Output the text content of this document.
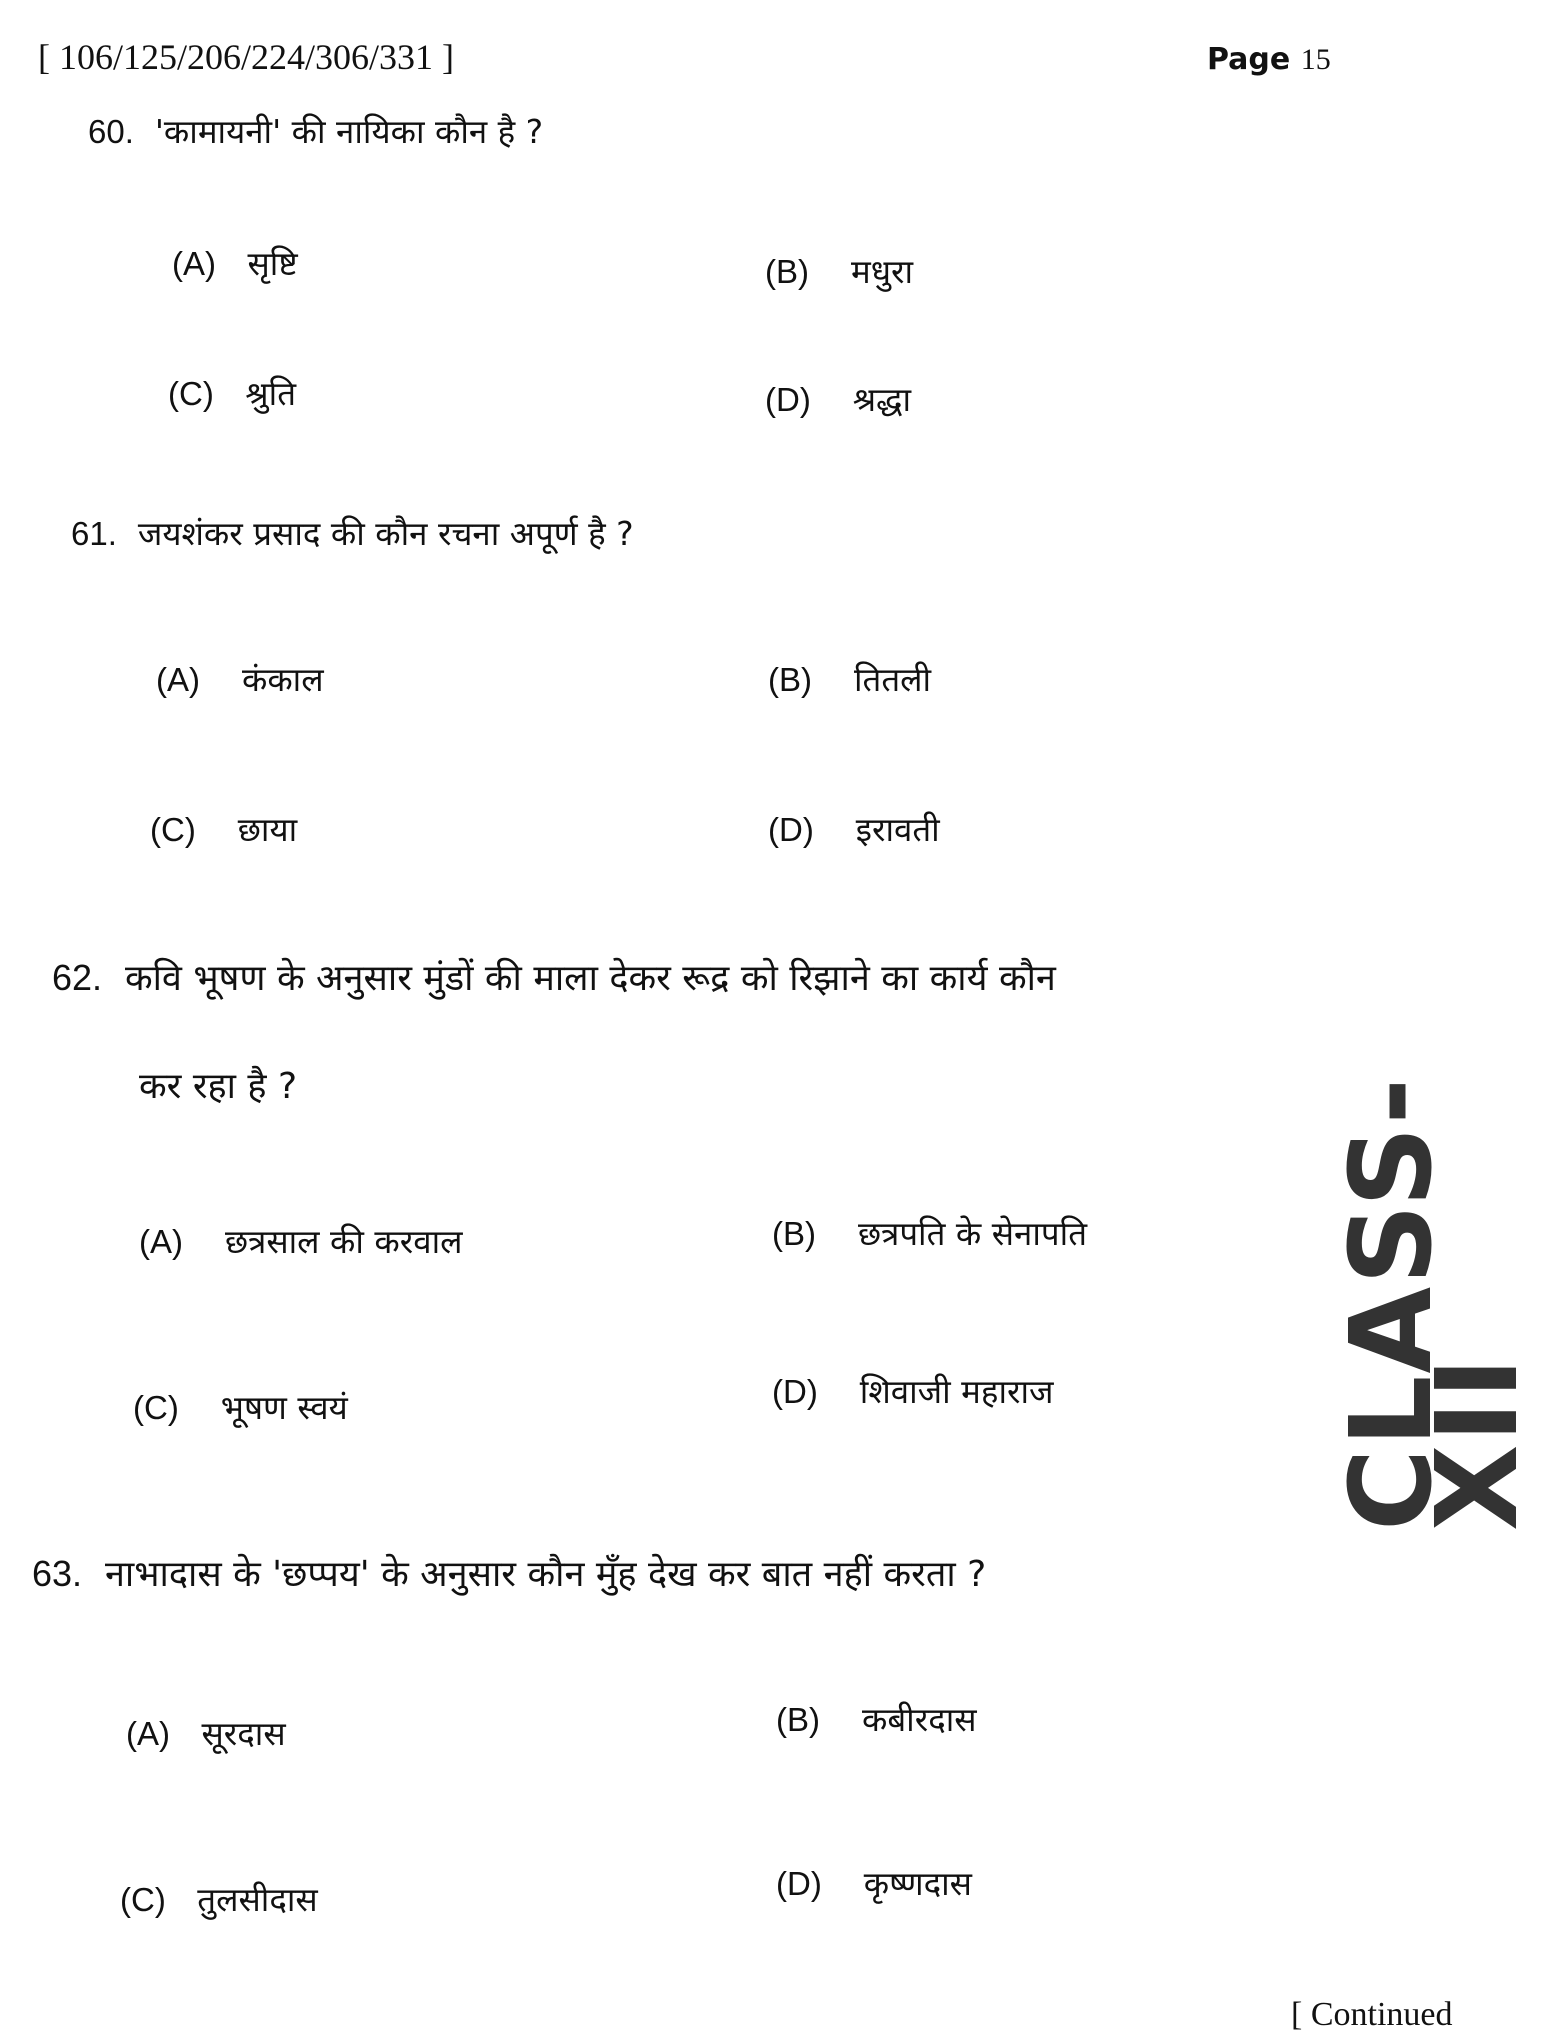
[ 106/125/206/224/306/331 ]	Page 15
60. 'कामायनी' की नायिका कौन है ?
(A) सृष्टि	(B) मधुरा
(C) श्रुति	(D) श्रद्धा
61. जयशंकर प्रसाद की कौन रचना अपूर्ण है ?
(A) कंकाल	(B) तितली
(C) छाया	(D) इरावती
62. कवि भूषण के अनुसार मुंडों की माला देकर रूद्र को रिझाने का कार्य कौन
कर रहा है ?
(A) छत्रसाल की करवाल	(B) छत्रपति के सेनापति
(C) भूषण स्वयं	(D) शिवाजी महाराज
63. नाभादास के 'छप्पय' के अनुसार कौन मुँह देख कर बात नहीं करता ?
(A) सूरदास	(B) कबीरदास
(C) तुलसीदास	(D) कृष्णदास
CLASS-XII
[ Continued
